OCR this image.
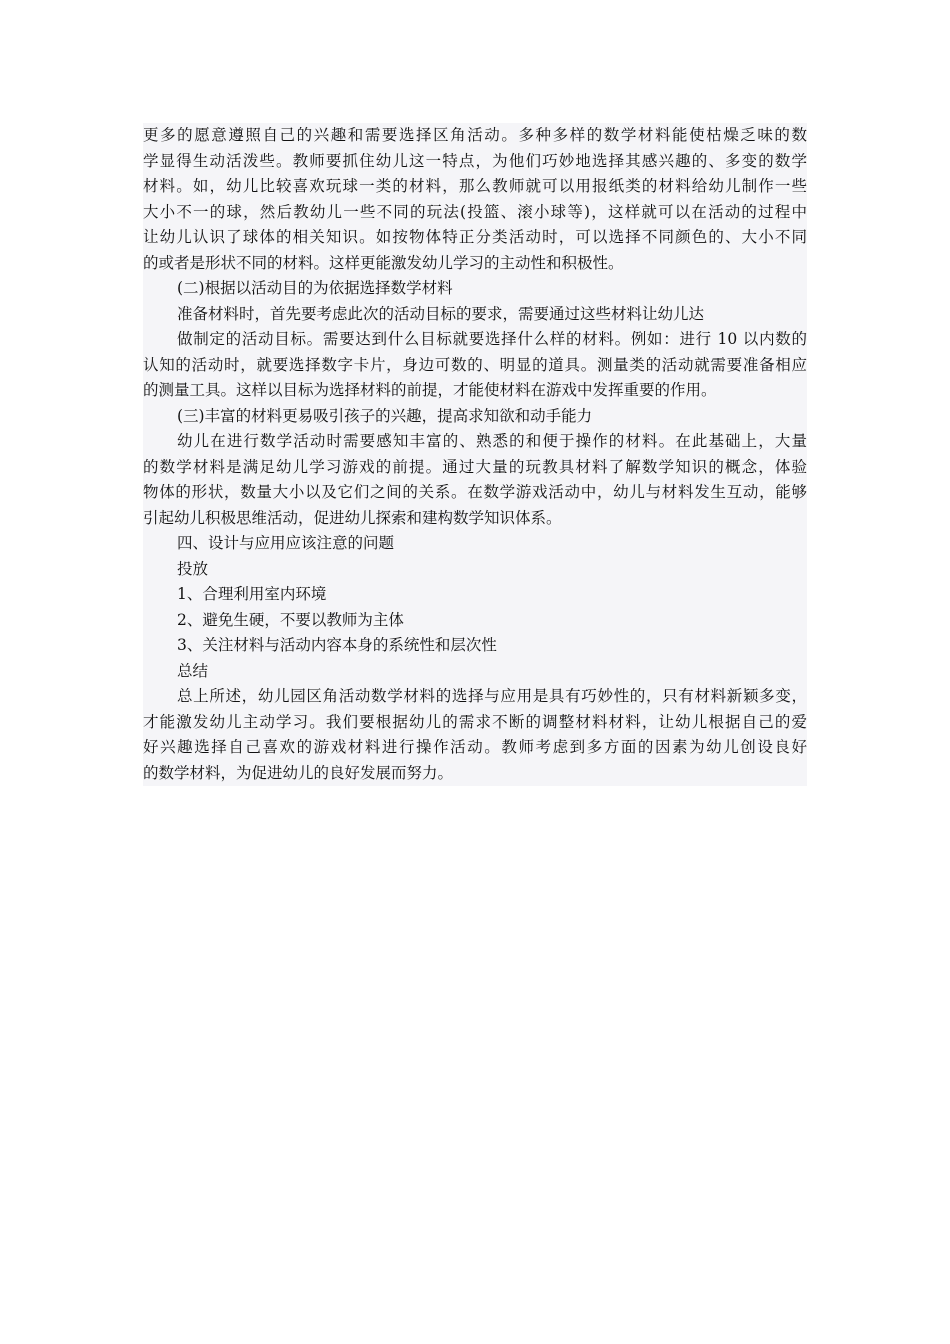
更多的愿意遵照自己的兴趣和需要选择区角活动。多种多样的数学材料能使枯燥乏味的数
学显得生动活泼些。教师要抓住幼儿这一特点，为他们巧妙地选择其感兴趣的、多变的数学
材料。如，幼儿比较喜欢玩球一类的材料，那么教师就可以用报纸类的材料给幼儿制作一些
大小不一的球，然后教幼儿一些不同的玩法(投篮、滚小球等)，这样就可以在活动的过程中
让幼儿认识了球体的相关知识。如按物体特正分类活动时，可以选择不同颜色的、大小不同
的或者是形状不同的材料。这样更能激发幼儿学习的主动性和积极性。
(二)根据以活动目的为依据选择数学材料
准备材料时，首先要考虑此次的活动目标的要求，需要通过这些材料让幼儿达
做制定的活动目标。需要达到什么目标就要选择什么样的材料。例如：进行 10 以内数的
认知的活动时，就要选择数字卡片，身边可数的、明显的道具。测量类的活动就需要准备相应
的测量工具。这样以目标为选择材料的前提，才能使材料在游戏中发挥重要的作用。
(三)丰富的材料更易吸引孩子的兴趣，提高求知欲和动手能力
幼儿在进行数学活动时需要感知丰富的、熟悉的和便于操作的材料。在此基础上，大量
的数学材料是满足幼儿学习游戏的前提。通过大量的玩教具材料了解数学知识的概念，体验
物体的形状，数量大小以及它们之间的关系。在数学游戏活动中，幼儿与材料发生互动，能够
引起幼儿积极思维活动，促进幼儿探索和建构数学知识体系。
四、设计与应用应该注意的问题
投放
1、合理利用室内环境
2、避免生硬，不要以教师为主体
3、关注材料与活动内容本身的系统性和层次性
总结
总上所述，幼儿园区角活动数学材料的选择与应用是具有巧妙性的，只有材料新颖多变，
才能激发幼儿主动学习。我们要根据幼儿的需求不断的调整材料材料，让幼儿根据自己的爱
好兴趣选择自己喜欢的游戏材料进行操作活动。教师考虑到多方面的因素为幼儿创设良好
的数学材料，为促进幼儿的良好发展而努力。
